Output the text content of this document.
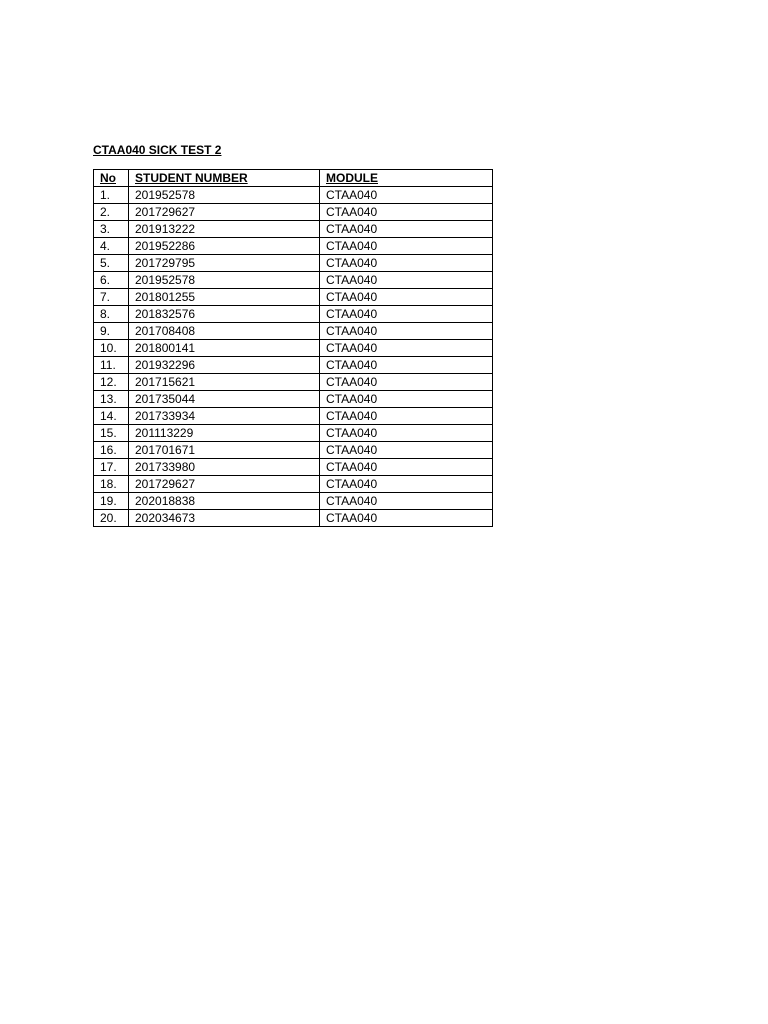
CTAA040 SICK TEST 2
No	STUDENT NUMBER	MODULE
1.	201952578	CTAA040
2.	201729627	CTAA040
3.	201913222	CTAA040
4.	201952286	CTAA040
5.	201729795	CTAA040
6.	201952578	CTAA040
7.	201801255	CTAA040
8.	201832576	CTAA040
9.	201708408	CTAA040
10.	201800141	CTAA040
11.	201932296	CTAA040
12.	201715621	CTAA040
13.	201735044	CTAA040
14.	201733934	CTAA040
15.	201113229	CTAA040
16.	201701671	CTAA040
17.	201733980	CTAA040
18.	201729627	CTAA040
19.	202018838	CTAA040
20.	202034673	CTAA040
